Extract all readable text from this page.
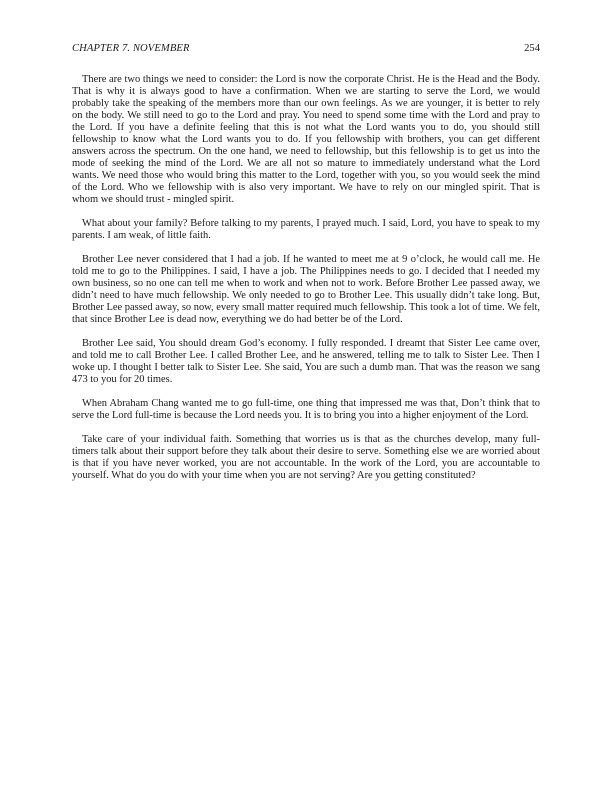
CHAPTER 7. NOVEMBER	254

There are two things we need to consider: the Lord is now the corporate Christ. He is the Head and the Body. That is why it is always good to have a confirmation. When we are starting to serve the Lord, we would probably take the speaking of the members more than our own feelings. As we are younger, it is better to rely on the body. We still need to go to the Lord and pray. You need to spend some time with the Lord and pray to the Lord. If you have a definite feeling that this is not what the Lord wants you to do, you should still fellowship to know what the Lord wants you to do. If you fellowship with brothers, you can get different answers across the spectrum. On the one hand, we need to fellowship, but this fellowship is to get us into the mode of seeking the mind of the Lord. We are all not so mature to immediately understand what the Lord wants. We need those who would bring this matter to the Lord, together with you, so you would seek the mind of the Lord. Who we fellowship with is also very important. We have to rely on our mingled spirit. That is whom we should trust - mingled spirit.

What about your family? Before talking to my parents, I prayed much. I said, Lord, you have to speak to my parents. I am weak, of little faith.

Brother Lee never considered that I had a job. If he wanted to meet me at 9 o’clock, he would call me. He told me to go to the Philippines. I said, I have a job. The Philippines needs to go. I decided that I needed my own business, so no one can tell me when to work and when not to work. Before Brother Lee passed away, we didn’t need to have much fellowship. We only needed to go to Brother Lee. This usually didn’t take long. But, Brother Lee passed away, so now, every small matter required much fellowship. This took a lot of time. We felt, that since Brother Lee is dead now, everything we do had better be of the Lord.

Brother Lee said, You should dream God’s economy. I fully responded. I dreamt that Sister Lee came over, and told me to call Brother Lee. I called Brother Lee, and he answered, telling me to talk to Sister Lee. Then I woke up. I thought I better talk to Sister Lee. She said, You are such a dumb man. That was the reason we sang 473 to you for 20 times.

When Abraham Chang wanted me to go full-time, one thing that impressed me was that, Don’t think that to serve the Lord full-time is because the Lord needs you. It is to bring you into a higher enjoyment of the Lord.

Take care of your individual faith. Something that worries us is that as the churches develop, many full-timers talk about their support before they talk about their desire to serve. Something else we are worried about is that if you have never worked, you are not accountable. In the work of the Lord, you are accountable to yourself. What do you do with your time when you are not serving? Are you getting constituted?
